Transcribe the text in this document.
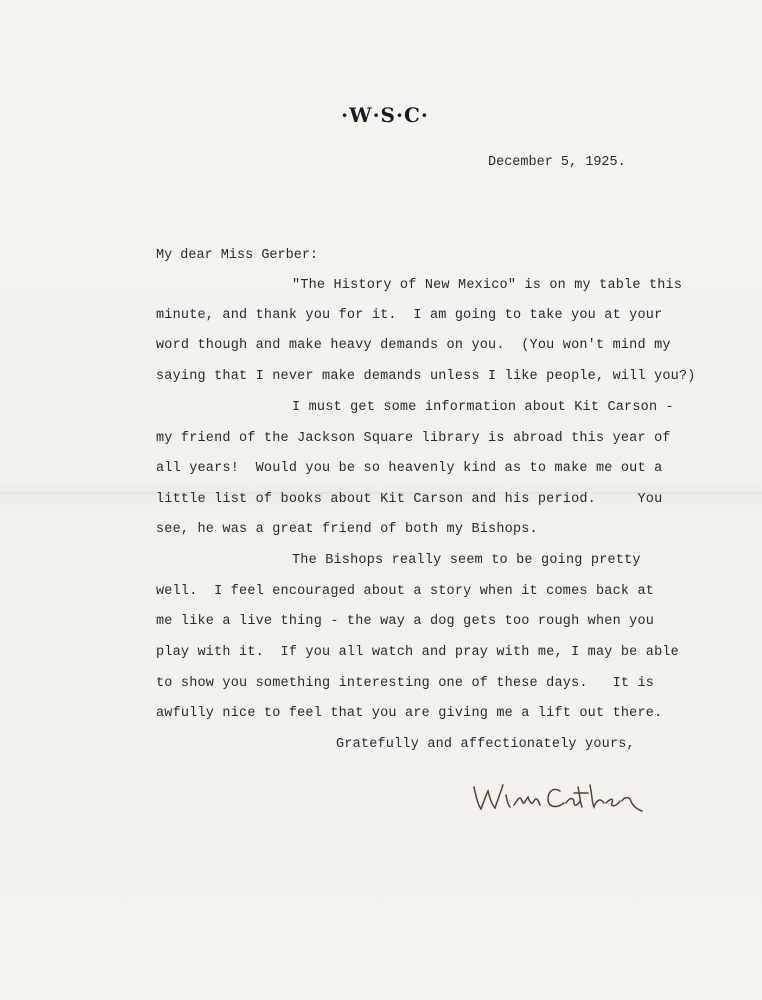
·W·S·C·
December 5, 1925.
My dear Miss Gerber:
"The History of New Mexico" is on my table this
minute, and thank you for it.  I am going to take you at your
word though and make heavy demands on you.  (You won't mind my
saying that I never make demands unless I like people, will you?)
I must get some information about Kit Carson -
my friend of the Jackson Square library is abroad this year of
all years!  Would you be so heavenly kind as to make me out a
little list of books about Kit Carson and his period.     You
see, he was a great friend of both my Bishops.
The Bishops really seem to be going pretty
well.  I feel encouraged about a story when it comes back at
me like a live thing - the way a dog gets too rough when you
play with it.  If you all watch and pray with me, I may be able
to show you something interesting one of these days.   It is
awfully nice to feel that you are giving me a lift out there.
Gratefully and affectionately yours,
